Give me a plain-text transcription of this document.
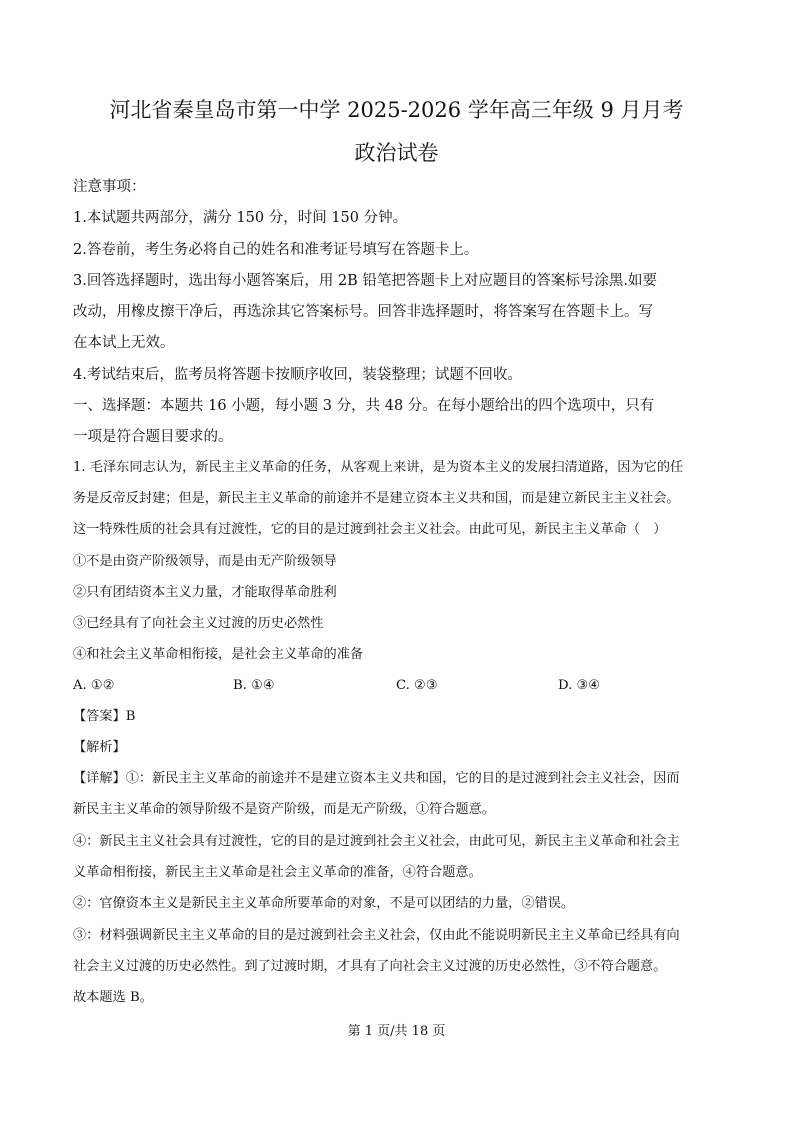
河北省秦皇岛市第一中学 2025-2026 学年高三年级 9 月月考
政治试卷
注意事项：
1.本试题共两部分，满分 150 分，时间 150 分钟。
2.答卷前，考生务必将自己的姓名和准考证号填写在答题卡上。
3.回答选择题时，选出每小题答案后，用 2B 铅笔把答题卡上对应题目的答案标号涂黑.如要
改动，用橡皮擦干净后，再选涂其它答案标号。回答非选择题时，将答案写在答题卡上。写
在本试上无效。
4.考试结束后，监考员将答题卡按顺序收回，装袋整理；试题不回收。
一、选择题：本题共 16 小题，每小题 3 分，共 48 分。在每小题给出的四个选项中，只有
一项是符合题目要求的。
1. 毛泽东同志认为，新民主主义革命的任务，从客观上来讲，是为资本主义的发展扫清道路，因为它的任
务是反帝反封建；但是，新民主主义革命的前途并不是建立资本主义共和国，而是建立新民主主义社会。
这一特殊性质的社会具有过渡性，它的目的是过渡到社会主义社会。由此可见，新民主主义革命（　）
①不是由资产阶级领导，而是由无产阶级领导
②只有团结资本主义力量，才能取得革命胜利
③已经具有了向社会主义过渡的历史必然性
④和社会主义革命相衔接，是社会主义革命的准备
A. ①②	B. ①④	C. ②③	D. ③④
【答案】B
【解析】
【详解】①：新民主主义革命的前途并不是建立资本主义共和国，它的目的是过渡到社会主义社会，因而
新民主主义革命的领导阶级不是资产阶级，而是无产阶级，①符合题意。
④：新民主主义社会具有过渡性，它的目的是过渡到社会主义社会，由此可见，新民主主义革命和社会主
义革命相衔接，新民主主义革命是社会主义革命的准备，④符合题意。
②：官僚资本主义是新民主主义革命所要革命的对象，不是可以团结的力量，②错误。
③：材料强调新民主主义革命的目的是过渡到社会主义社会，仅由此不能说明新民主主义革命已经具有向
社会主义过渡的历史必然性。到了过渡时期，才具有了向社会主义过渡的历史必然性，③不符合题意。
故本题选 B。
第 1 页/共 18 页
